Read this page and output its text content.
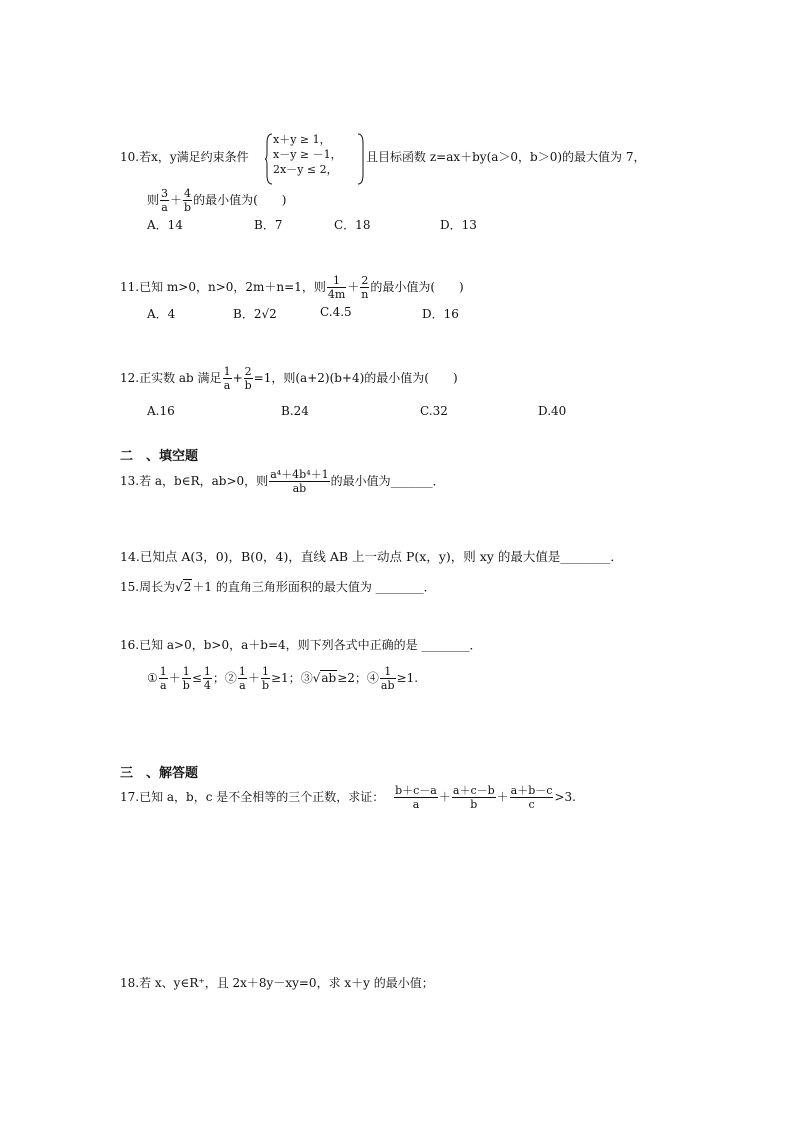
10.若x，y满足约束条件
x＋y ≥ 1，
x－y ≥ －1，
2x－y ≤ 2，
且目标函数 z=ax＋by(a＞0，b＞0)的最大值为 7，
则 $\frac{3}{a} + \frac{4}{b}$ 的最小值为(　　)
A．14	B．7	C．18	D．13
11.已知 m>0，n>0，2m＋n=1，则 $\frac{1}{4m} + \frac{2}{n}$ 的最小值为(　　)
A．4	B．2√2	C.4.5	D．16
12.正实数 ab 满足 $\frac{1}{a} + \frac{2}{b} =1$，则(a+2)(b+4)的最小值为(　　)
A.16	B.24	C.32	D.40
二　、填空题
13.若 a，b∈R，ab>0，则 $\frac{\text{a⁴＋4b⁴＋1}}{ab}$ 的最小值为_______．
14.已知点 A(3，0)，B(0，4)，直线 AB 上一动点 P(x，y)，则 xy 的最大值是________．
15.周长为√2＋1 的直角三角形面积的最大值为 ________．
16.已知 a>0，b>0，a＋b=4，则下列各式中正确的是 ________．
① $\frac{1}{a} + \frac{1}{b} \le \frac{1}{4}$ ；② $\frac{1}{a} + \frac{1}{b} \ge 1$；③√ab≥2；④ $\frac{1}{ab} \ge 1$.
三　、解答题
17.已知 a，b，c 是不全相等的三个正数，求证： $\frac{b+c-a}{a} + \frac{a+c-b}{b} + \frac{a+b-c}{c} >3$.
18.若 x、y∈R⁺，且 2x＋8y－xy=0，求 x＋y 的最小值；
